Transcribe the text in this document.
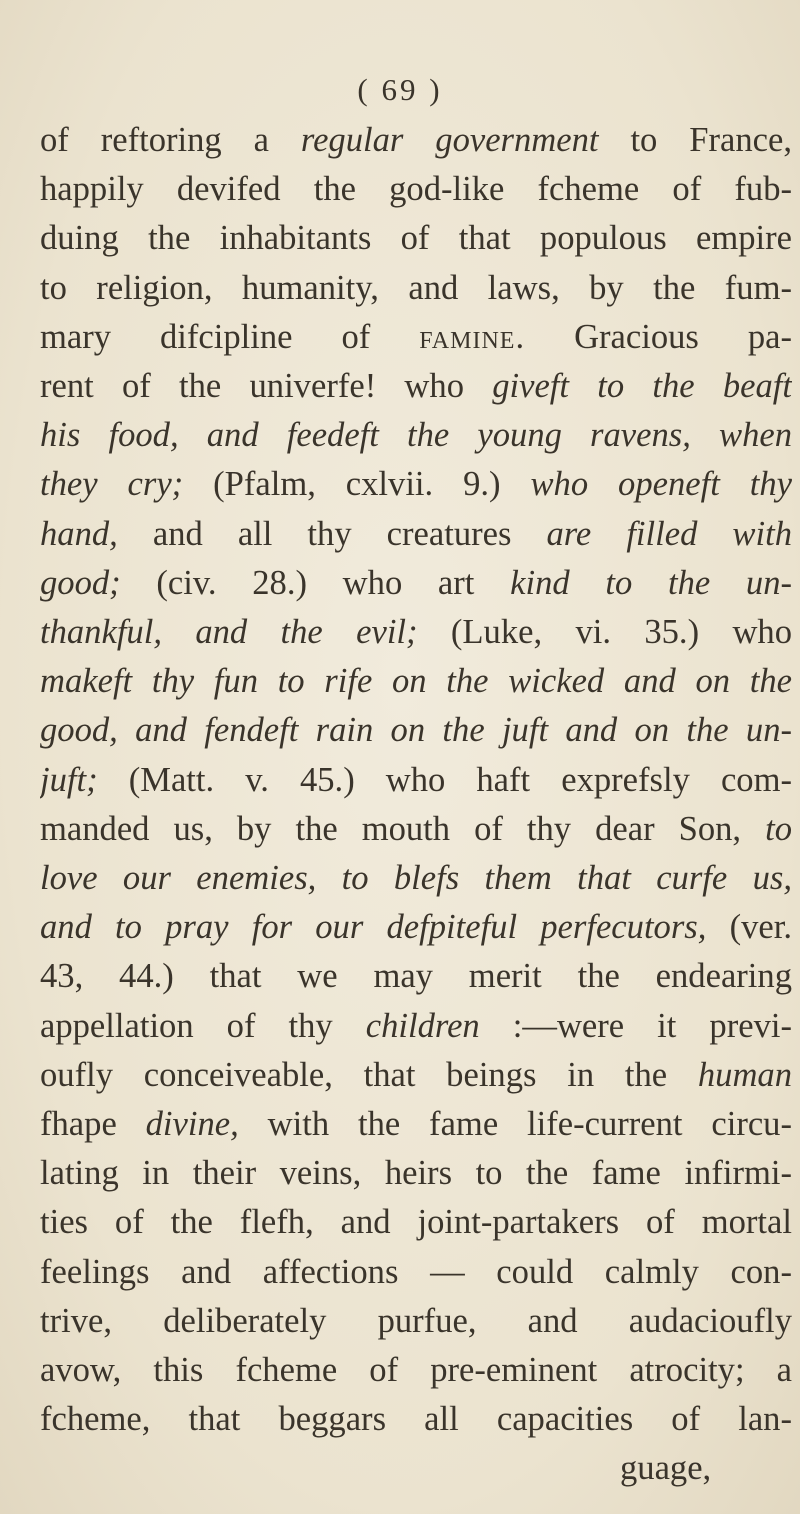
( 69 )
of reftoring a regular government to France,
happily devifed the god-like fcheme of fub-
duing the inhabitants of that populous empire
to religion, humanity, and laws, by the fum-
mary difcipline of famine. Gracious pa-
rent of the univerfe! who giveft to the beaft
his food, and feedeft the young ravens, when
they cry; (Pfalm, cxlvii. 9.) who openeft thy
hand, and all thy creatures are filled with
good; (civ. 28.) who art kind to the un-
thankful, and the evil; (Luke, vi. 35.) who
makeft thy fun to rife on the wicked and on the
good, and fendeft rain on the juft and on the un-
juft; (Matt. v. 45.) who haft exprefsly com-
manded us, by the mouth of thy dear Son, to
love our enemies, to blefs them that curfe us,
and to pray for our defpiteful perfecutors, (ver.
43, 44.) that we may merit the endearing
appellation of thy children :—were it previ-
oufly conceiveable, that beings in the human
fhape divine, with the fame life-current circu-
lating in their veins, heirs to the fame infirmi-
ties of the flefh, and joint-partakers of mortal
feelings and affections — could calmly con-
trive, deliberately purfue, and audacioufly
avow, this fcheme of pre-eminent atrocity; a
fcheme, that beggars all capacities of lan-
guage,
